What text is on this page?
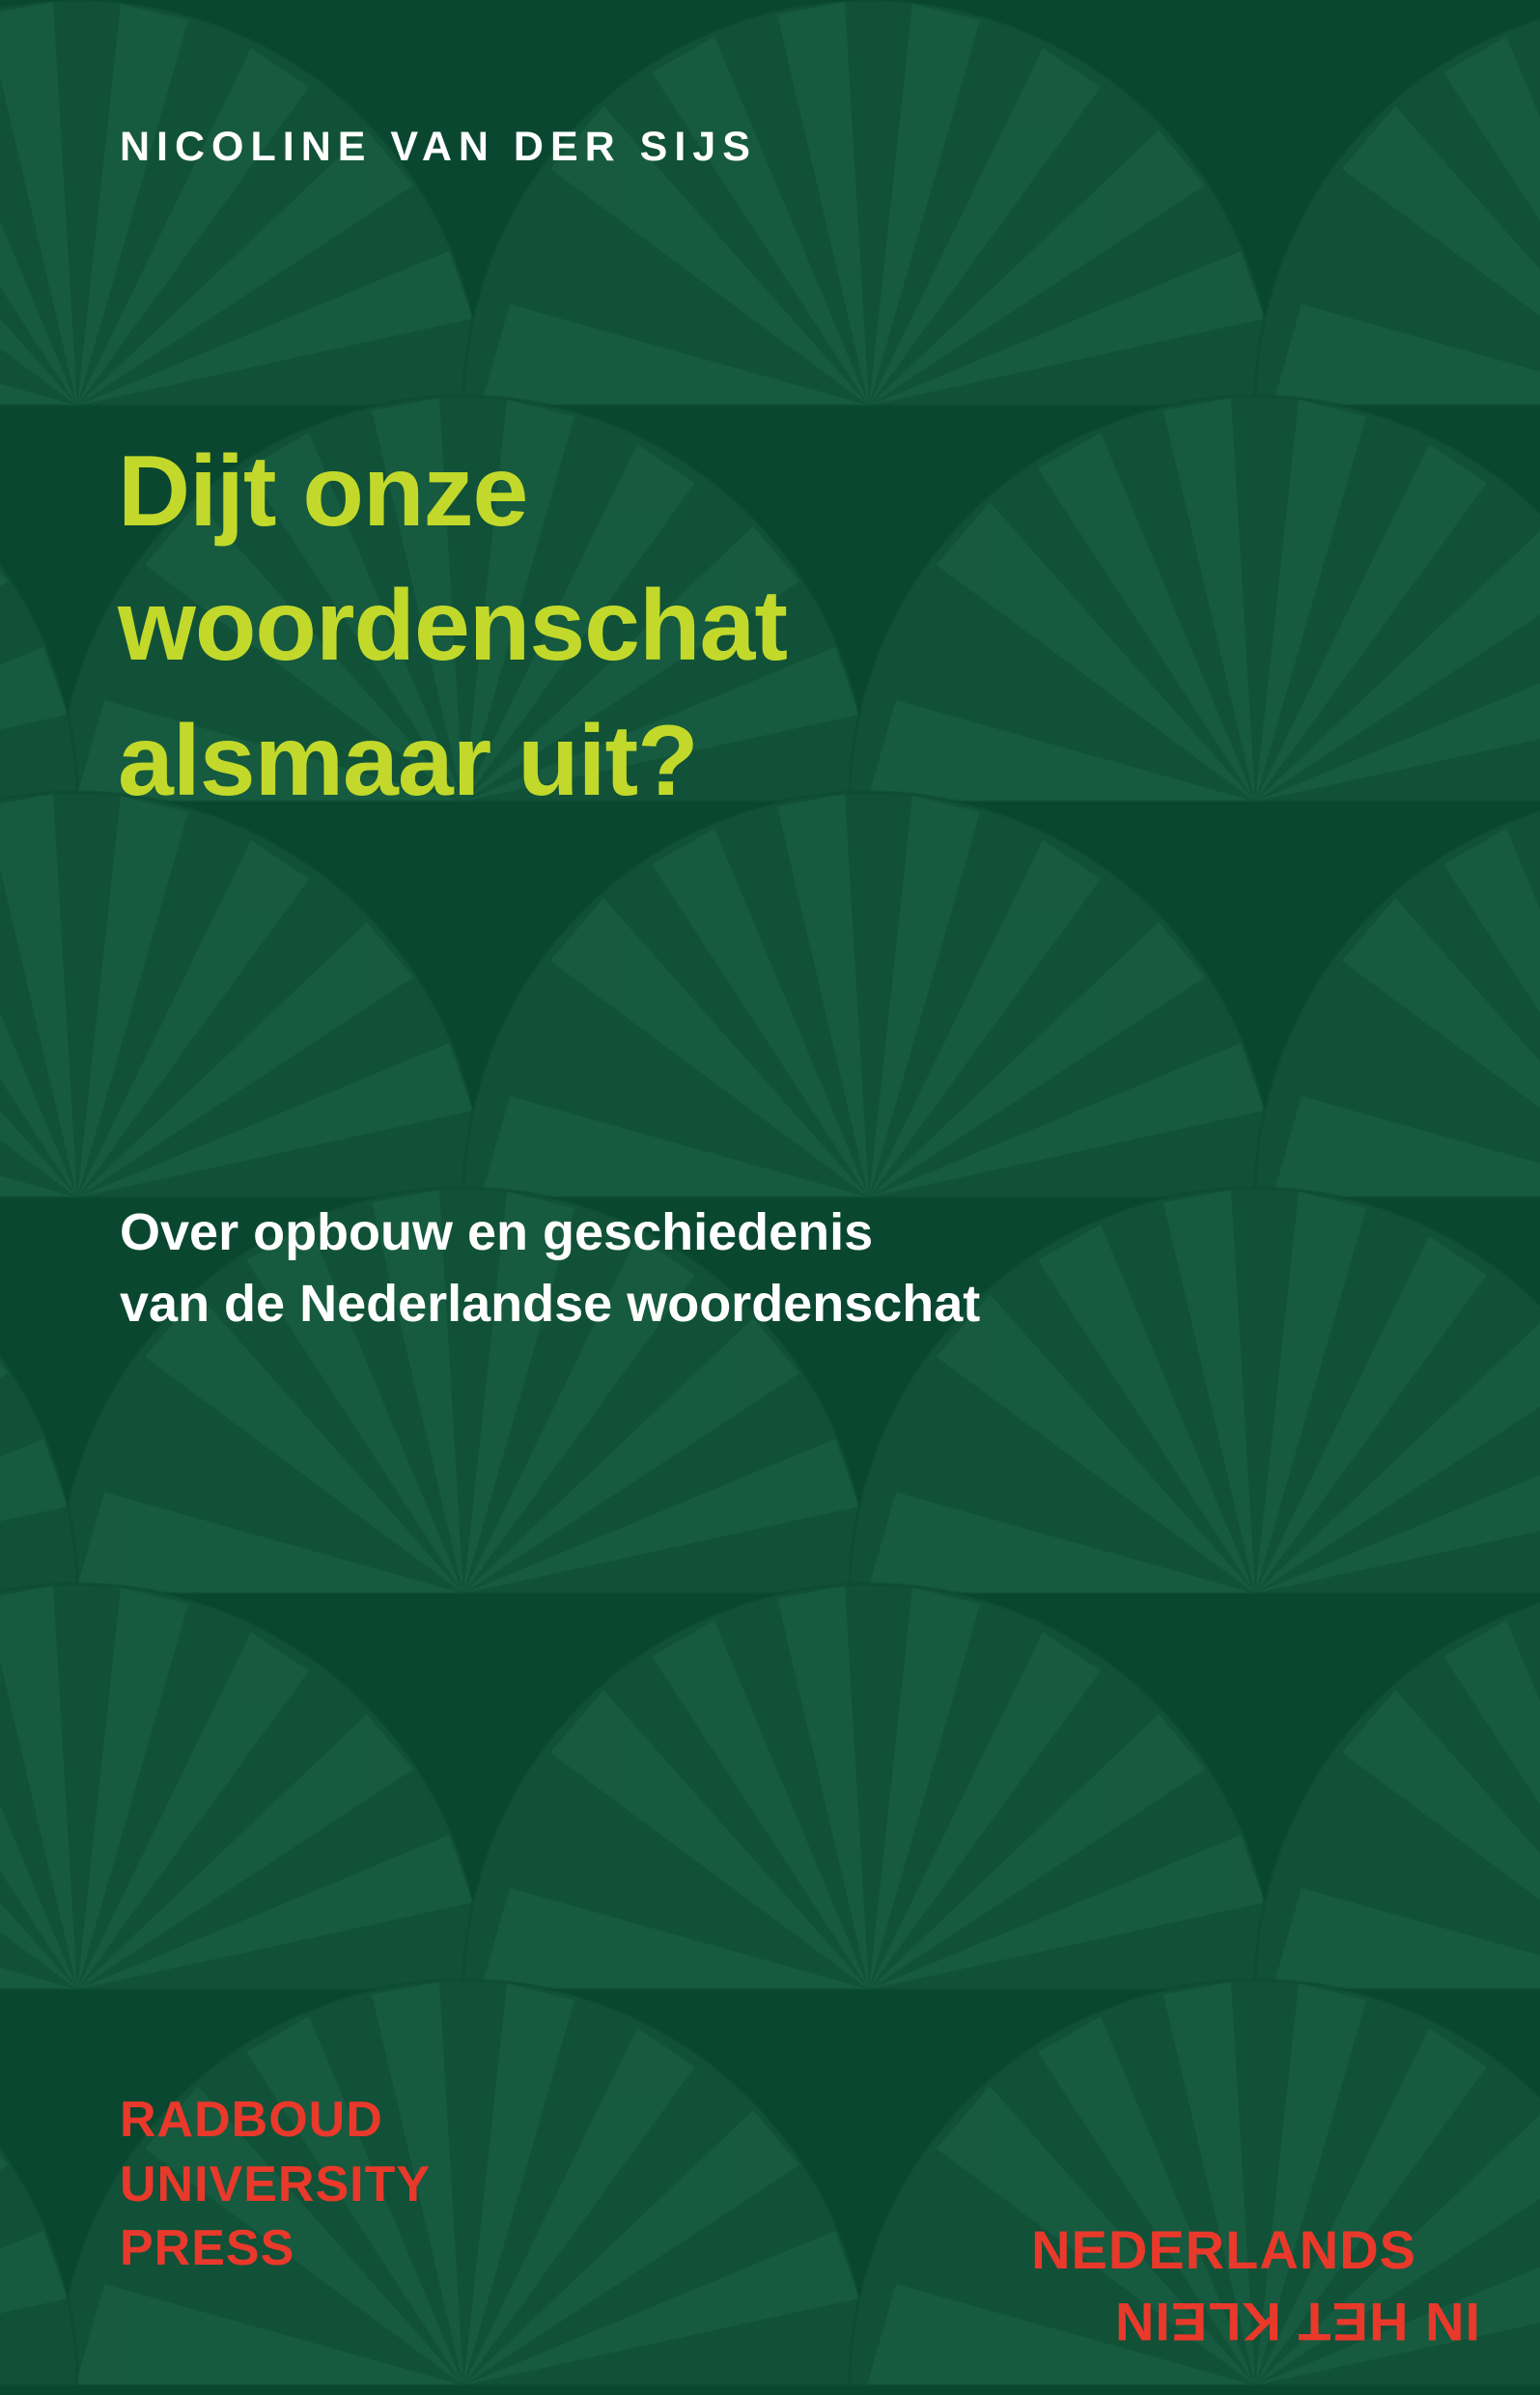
NICOLINE VAN DER SIJS
Dijt onze
woordenschat
alsmaar uit?
Over opbouw en geschiedenis
van de Nederlandse woordenschat
RADBOUD
UNIVERSITY
PRESS	NEDERLANDS
IN HET KLEIN
